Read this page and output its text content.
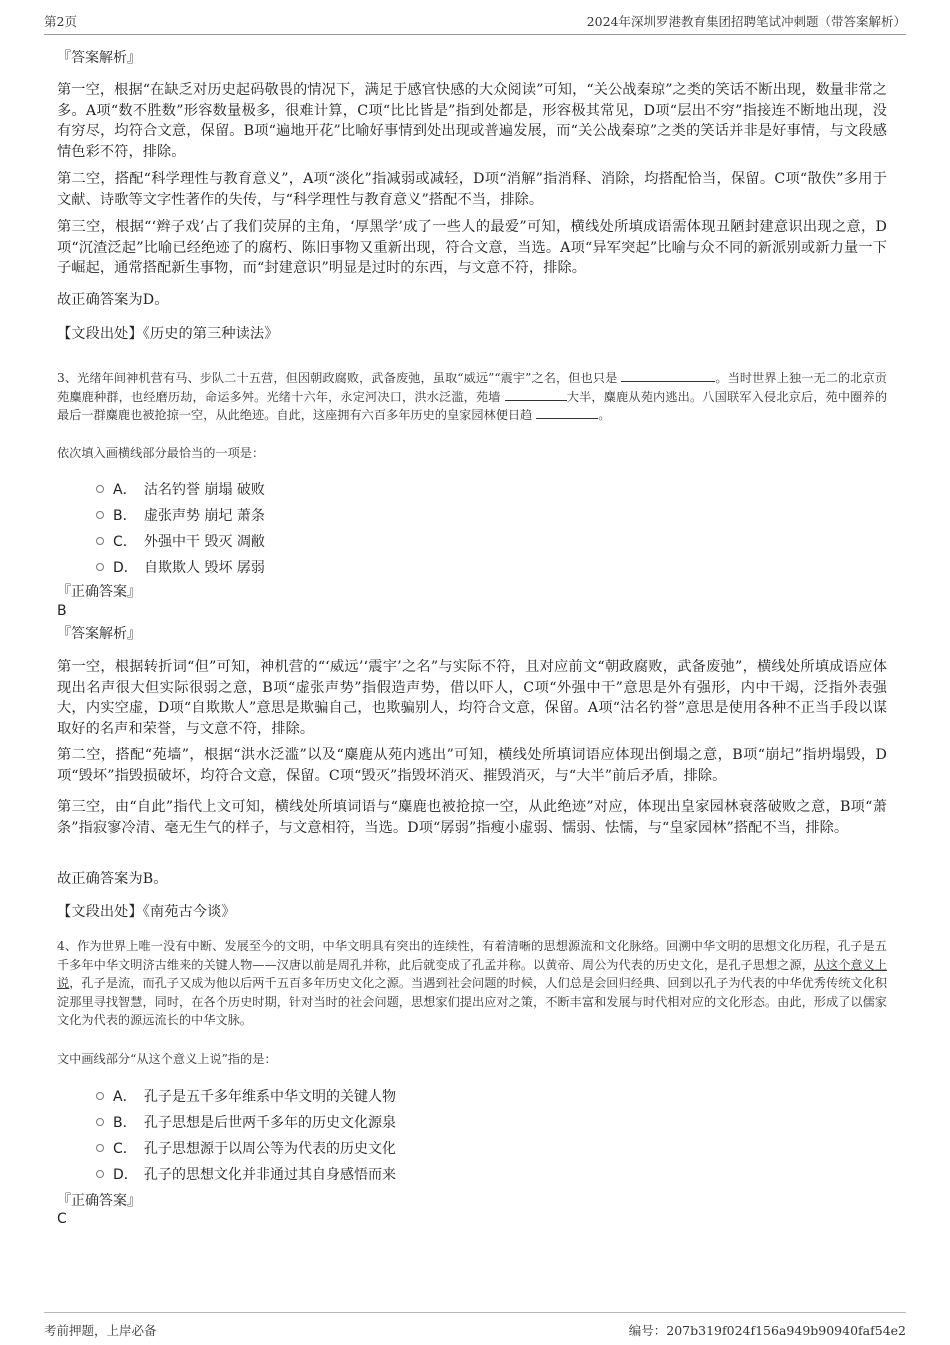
第2页	2024年深圳罗港教育集团招聘笔试冲刺题（带答案解析）
『答案解析』
第一空，根据“在缺乏对历史起码敬畏的情况下，满足于感官快感的大众阅读”可知，“关公战秦琼”之类的笑话不断出现，数量非常之多。A项“数不胜数”形容数量极多，很难计算，C项“比比皆是”指到处都是，形容极其常见，D项“层出不穷”指接连不断地出现，没有穷尽，均符合文意，保留。B项“遍地开花”比喻好事情到处出现或普遍发展，而“关公战秦琼”之类的笑话并非是好事情，与文段感情色彩不符，排除。
第二空，搭配“科学理性与教育意义”，A项“淡化”指减弱或减轻，D项“消解”指消释、消除，均搭配恰当，保留。C项“散佚”多用于文献、诗歌等文字性著作的失传，与“科学理性与教育意义”搭配不当，排除。
第三空，根据“‘辫子戏’占了我们荧屏的主角，‘厚黑学’成了一些人的最爱”可知，横线处所填成语需体现丑陋封建意识出现之意，D项“沉渣泛起”比喻已经绝迹了的腐朽、陈旧事物又重新出现，符合文意，当选。A项“异军突起”比喻与众不同的新派别或新力量一下子崛起，通常搭配新生事物，而“封建意识”明显是过时的东西，与文意不符，排除。
故正确答案为D。
【文段出处】《历史的第三种读法》
3、光绪年间神机营有马、步队二十五营，但因朝政腐败，武备废弛，虽取“威远”“震宇”之名，但也只是	。当时世界上独一无二的北京贡苑麋鹿种群，也经磨历劫，命运多舛。光绪十六年，永定河决口，洪水泛滥，苑墙	大半，麋鹿从苑内逃出。八国联军入侵北京后，苑中圈养的最后一群麋鹿也被抢掠一空，从此绝迹。自此，这座拥有六百多年历史的皇家园林便日趋	。
依次填入画横线部分最恰当的一项是：
A． 沽名钓誉 崩塌 破败
B． 虚张声势 崩圮 萧条
C． 外强中干 毁灭 凋敝
D． 自欺欺人 毁坏 孱弱
『正确答案』
B
『答案解析』
第一空，根据转折词“但”可知，神机营的“‘威远’‘震宇’之名”与实际不符，且对应前文“朝政腐败，武备废弛”，横线处所填成语应体现出名声很大但实际很弱之意，B项“虚张声势”指假造声势，借以吓人，C项“外强中干”意思是外有强形，内中干竭，泛指外表强大，内实空虚，D项“自欺欺人”意思是欺骗自己，也欺骗别人，均符合文意，保留。A项“沽名钓誉”意思是使用各种不正当手段以谋取好的名声和荣誉，与文意不符，排除。
第二空，搭配“苑墙”，根据“洪水泛滥”以及“麋鹿从苑内逃出”可知，横线处所填词语应体现出倒塌之意，B项“崩圮”指坍塌毁，D项“毁坏”指毁损破坏，均符合文意，保留。C项“毁灭”指毁坏消灭、摧毁消灭，与“大半”前后矛盾，排除。
第三空，由“自此”指代上文可知，横线处所填词语与“麋鹿也被抢掠一空，从此绝迹”对应，体现出皇家园林衰落破败之意，B项“萧条”指寂寥冷清、毫无生气的样子，与文意相符，当选。D项“孱弱”指瘦小虚弱、懦弱、怯懦，与“皇家园林”搭配不当，排除。
故正确答案为B。
【文段出处】《南苑古今谈》
4、作为世界上唯一没有中断、发展至今的文明，中华文明具有突出的连续性，有着清晰的思想源流和文化脉络。回溯中华文明的思想文化历程，孔子是五千多年中华文明济古维来的关键人物——汉唐以前是周孔并称，此后就变成了孔孟并称。以黄帝、周公为代表的历史文化，是孔子思想之源，从这个意义上说，孔子是流，而孔子又成为他以后两千五百多年历史文化之源。当遇到社会问题的时候，人们总是会回归经典、回到以孔子为代表的中华优秀传统文化积淀那里寻找智慧，同时，在各个历史时期，针对当时的社会问题，思想家们提出应对之策，不断丰富和发展与时代相对应的文化形态。由此，形成了以儒家文化为代表的源远流长的中华文脉。
文中画线部分“从这个意义上说”指的是：
A． 孔子是五千多年维系中华文明的关键人物
B． 孔子思想是后世两千多年的历史文化源泉
C． 孔子思想源于以周公等为代表的历史文化
D． 孔子的思想文化并非通过其自身感悟而来
『正确答案』
C
考前押题，上岸必备	编号：207b319f024f156a949b90940faf54e2
